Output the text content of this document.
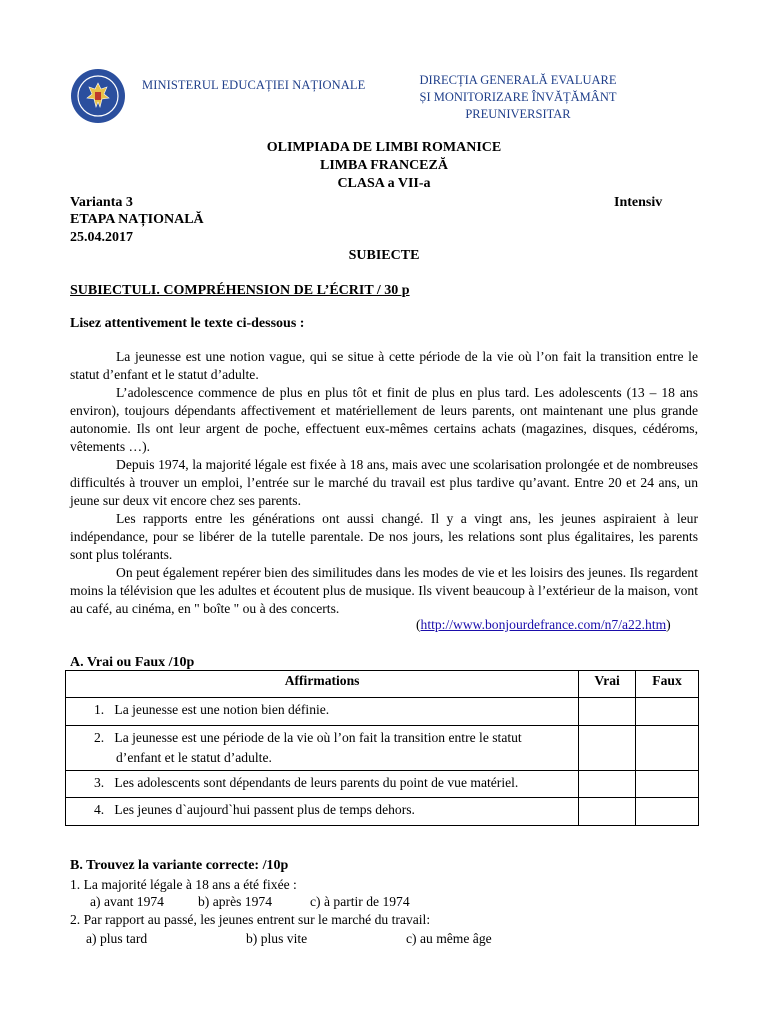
MINISTERUL EDUCAȚIEI NAȚIONALE	DIRECȚIA GENERALĂ EVALUARE
ȘI MONITORIZARE ÎNVĂȚĂMÂNT
PREUNIVERSITAR
OLIMPIADA DE LIMBI ROMANICE
LIMBA FRANCEZĂ
CLASA a VII-a
Varianta 3	Intensiv
ETAPA NAȚIONALĂ
25.04.2017
SUBIECTE
SUBIECTULI. COMPRÉHENSION DE L’ÉCRIT / 30 p
Lisez attentivement le texte ci-dessous :

La jeunesse est une notion vague, qui se situe à cette période de la vie où l’on fait la transition entre le statut d’enfant et le statut d’adulte.

L’adolescence commence de plus en plus tôt et finit de plus en plus tard. Les adolescents (13 – 18 ans environ), toujours dépendants affectivement et matériellement de leurs parents, ont maintenant une plus grande autonomie. Ils ont leur argent de poche, effectuent eux-mêmes certains achats (magazines, disques, cédéroms, vêtements …).

Depuis 1974, la majorité légale est fixée à 18 ans, mais avec une scolarisation prolongée et de nombreuses difficultés à trouver un emploi, l’entrée sur le marché du travail est plus tardive qu’avant. Entre 20 et 24 ans, un jeune sur deux vit encore chez ses parents.

Les rapports entre les générations ont aussi changé. Il y a vingt ans, les jeunes aspiraient à leur indépendance, pour se libérer de la tutelle parentale. De nos jours, les relations sont plus égalitaires, les parents sont plus tolérants.

On peut également repérer bien des similitudes dans les modes de vie et les loisirs des jeunes. Ils regardent moins la télévision que les adultes et écoutent plus de musique. Ils vivent beaucoup à l’extérieur de la maison, vont au café, au cinéma, en " boîte " ou à des concerts.

(http://www.bonjourdefrance.com/n7/a22.htm)
A. Vrai ou Faux /10p
Affirmations	Vrai	Faux
1. La jeunesse est une notion bien définie.		
2. La jeunesse est une période de la vie où l’on fait la transition entre le statut d’enfant et le statut d’adulte.		
3. Les adolescents sont dépendants de leurs parents du point de vue matériel.		
4. Les jeunes d`aujourd`hui passent plus de temps dehors.		
B. Trouvez la variante correcte: /10p
1. La majorité légale à 18 ans a été fixée :
a) avant 1974	b) après 1974	c) à partir de 1974
2. Par rapport au passé, les jeunes entrent sur le marché du travail:
a) plus tard	b) plus vite	c) au même âge
